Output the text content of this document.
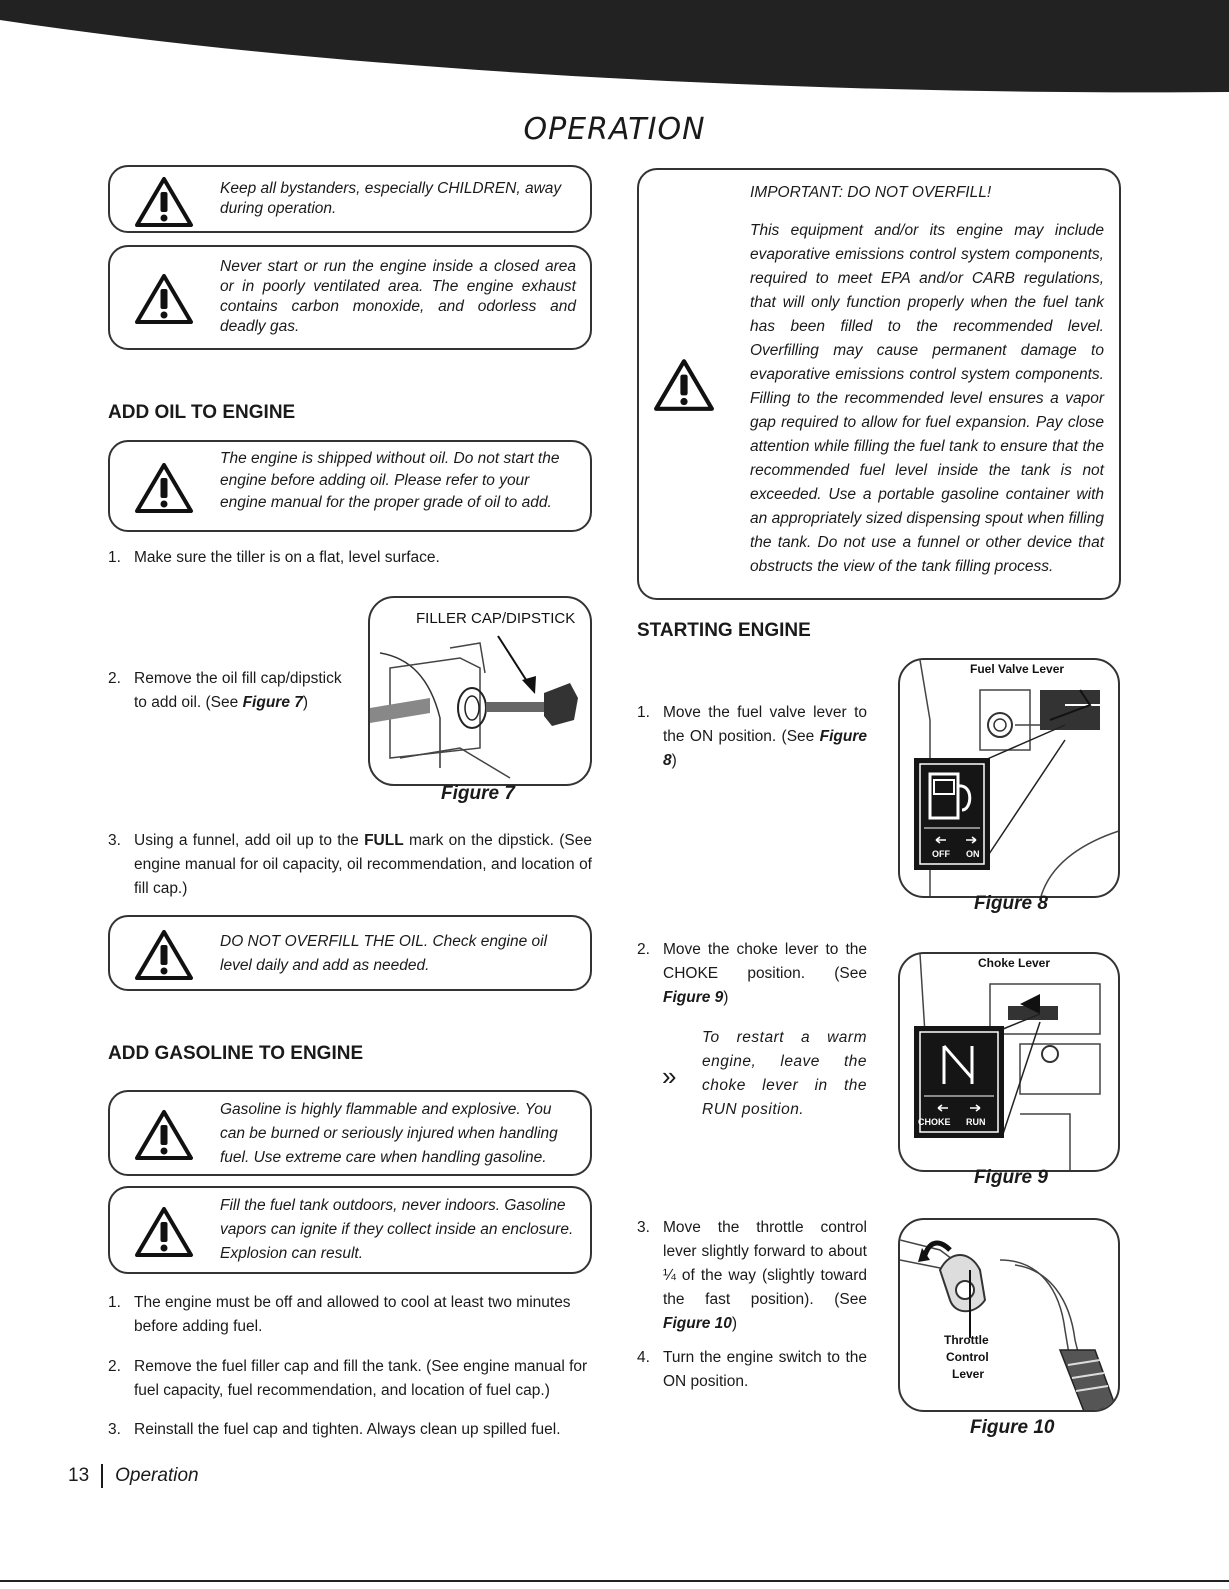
OPERATION
Keep all bystanders, especially CHILDREN, away during operation.
Never start or run the engine inside a closed area or in poorly ventilated area. The engine exhaust contains carbon monoxide, and odorless and deadly gas.
ADD OIL TO ENGINE
The engine is shipped without oil. Do not start the engine before adding oil. Please refer to your engine manual for the proper grade of oil to add.
1. Make sure the tiller is on a flat, level surface.
2. Remove the oil fill cap/dipstick to add oil. (See Figure 7)
FILLER CAP/DIPSTICK
Figure 7
3. Using a funnel, add oil up to the FULL mark on the dipstick. (See engine manual for oil capacity, oil recommendation, and location of fill cap.)
DO NOT OVERFILL THE OIL. Check engine oil level daily and add as needed.
ADD GASOLINE TO ENGINE
Gasoline is highly flammable and explosive. You can be burned or seriously injured when handling fuel. Use extreme care when handling gasoline.
Fill the fuel tank outdoors, never indoors. Gasoline vapors can ignite if they collect inside an enclosure. Explosion can result.
1. The engine must be off and allowed to cool at least two minutes before adding fuel.
2. Remove the fuel filler cap and fill the tank. (See engine manual for fuel capacity, fuel recommendation, and location of fuel cap.)
3. Reinstall the fuel cap and tighten. Always clean up spilled fuel.
IMPORTANT: DO NOT OVERFILL!
This equipment and/or its engine may include evaporative emissions control system components, required to meet EPA and/or CARB regulations, that will only function properly when the fuel tank has been filled to the recommended level. Overfilling may cause permanent damage to evaporative emissions control system components. Filling to the recommended level ensures a vapor gap required to allow for fuel expansion. Pay close attention while filling the fuel tank to ensure that the recommended fuel level inside the tank is not exceeded. Use a portable gasoline container with an appropriately sized dispensing spout when filling the tank. Do not use a funnel or other device that obstructs the view of the tank filling process.
STARTING ENGINE
1. Move the fuel valve lever to the ON position. (See Figure 8)
Fuel Valve Lever
OFF ON
Figure 8
2. Move the choke lever to the CHOKE position. (See Figure 9)
»
To restart a warm engine, leave the choke lever in the RUN position.
Choke Lever
CHOKE RUN
Figure 9
3. Move the throttle control lever slightly forward to about ¼ of the way (slightly toward the fast position). (See Figure 10)
4. Turn the engine switch to the ON position.
Throttle
Control
Lever
Figure 10
13 Operation
